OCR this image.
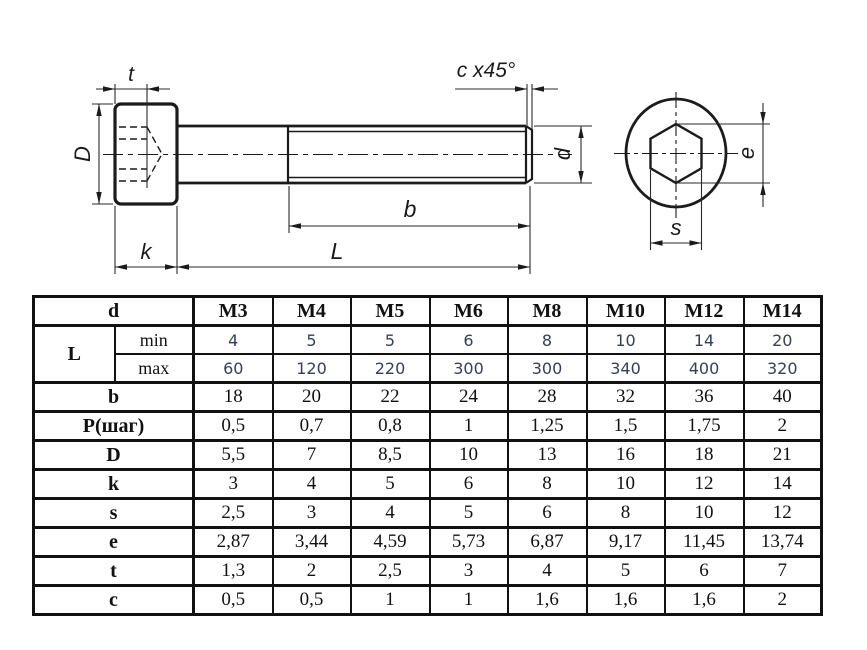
t
D
k	L
b
c x45°
d	e
s
d		M3	M4	M5	M6	M8	M10	M12	M14
L	min	4	5	5	6	8	10	14	20
	max	60	120	220	300	300	340	400	320
b		18	20	22	24	28	32	36	40
Р(шаг)		0,5	0,7	0,8	1	1,25	1,5	1,75	2
D		5,5	7	8,5	10	13	16	18	21
k		3	4	5	6	8	10	12	14
s		2,5	3	4	5	6	8	10	12
e		2,87	3,44	4,59	5,73	6,87	9,17	11,45	13,74
t		1,3	2	2,5	3	4	5	6	7
c		0,5	0,5	1	1	1,6	1,6	1,6	2
